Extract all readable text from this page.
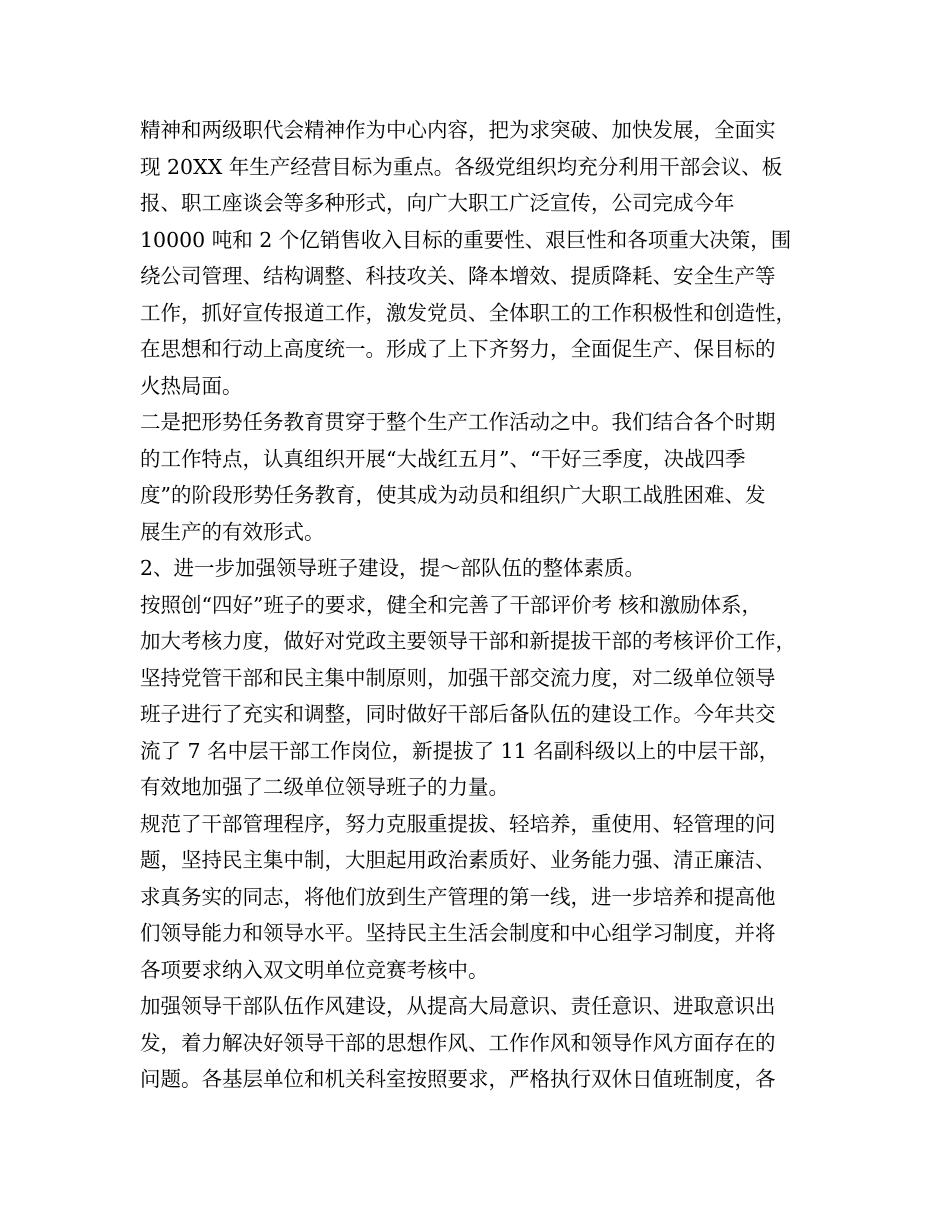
精神和两级职代会精神作为中心内容，把为求突破、加快发展，全面实
现 20XX 年生产经营目标为重点。各级党组织均充分利用干部会议、板
报、职工座谈会等多种形式，向广大职工广泛宣传，公司完成今年
10000 吨和 2 个亿销售收入目标的重要性、艰巨性和各项重大决策，围
绕公司管理、结构调整、科技攻关、降本增效、提质降耗、安全生产等
工作，抓好宣传报道工作，激发党员、全体职工的工作积极性和创造性，
在思想和行动上高度统一。形成了上下齐努力，全面促生产、保目标的
火热局面。
二是把形势任务教育贯穿于整个生产工作活动之中。我们结合各个时期
的工作特点，认真组织开展“大战红五月”、“干好三季度，决战四季
度”的阶段形势任务教育，使其成为动员和组织广大职工战胜困难、发
展生产的有效形式。
2、进一步加强领导班子建设，提～部队伍的整体素质。
按照创“四好”班子的要求，健全和完善了干部评价考 核和激励体系，
加大考核力度，做好对党政主要领导干部和新提拔干部的考核评价工作，
坚持党管干部和民主集中制原则，加强干部交流力度，对二级单位领导
班子进行了充实和调整，同时做好干部后备队伍的建设工作。今年共交
流了 7 名中层干部工作岗位，新提拔了 11 名副科级以上的中层干部，
有效地加强了二级单位领导班子的力量。
规范了干部管理程序，努力克服重提拔、轻培养，重使用、轻管理的问
题，坚持民主集中制，大胆起用政治素质好、业务能力强、清正廉洁、
求真务实的同志，将他们放到生产管理的第一线，进一步培养和提高他
们领导能力和领导水平。坚持民主生活会制度和中心组学习制度，并将
各项要求纳入双文明单位竞赛考核中。
加强领导干部队伍作风建设，从提高大局意识、责任意识、进取意识出
发，着力解决好领导干部的思想作风、工作作风和领导作风方面存在的
问题。各基层单位和机关科室按照要求，严格执行双休日值班制度，各
